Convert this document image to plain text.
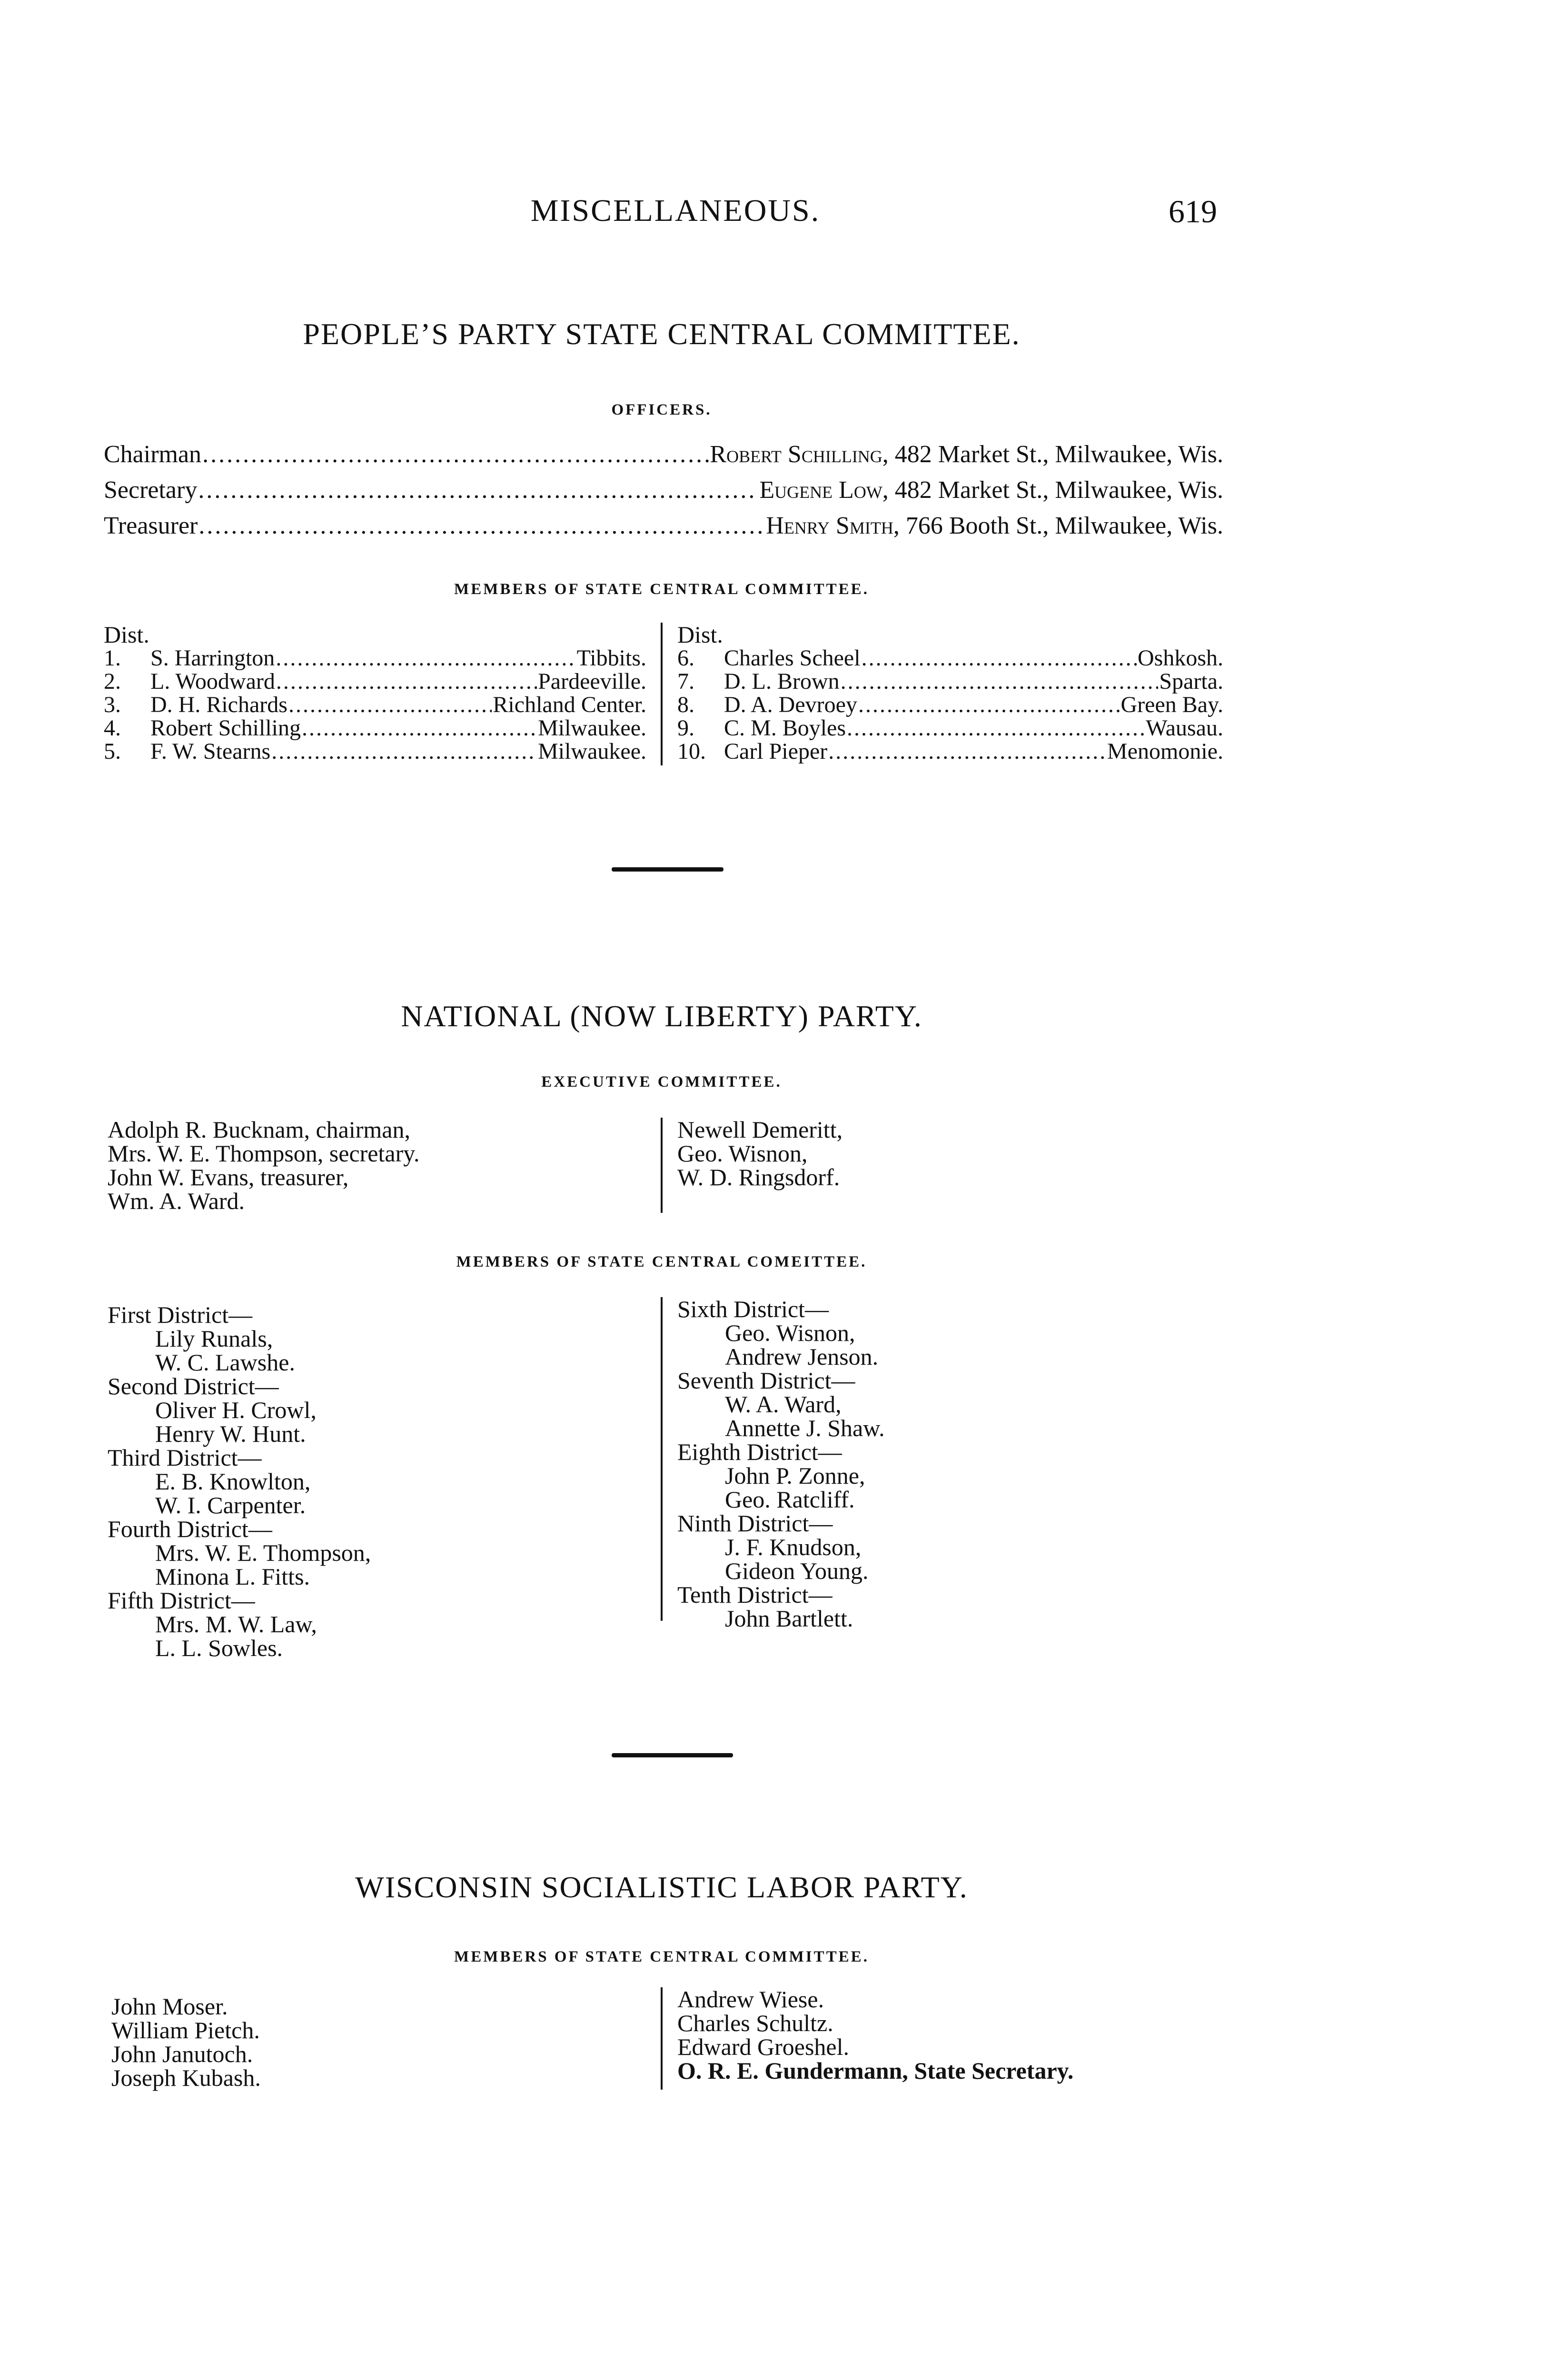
MISCELLANEOUS.	619
PEOPLE’S PARTY STATE CENTRAL COMMITTEE.
OFFICERS.
Chairman .....	Robert Schilling , 482 Market St., Milwaukee, Wis.
Secretary .....	Eugene Low , 482 Market St., Milwaukee, Wis.
Treasurer .....	Henry Smith , 766 Booth St., Milwaukee, Wis.
MEMBERS OF STATE CENTRAL COMMITTEE.
Dist.
1.	S. Harrington .....	Tibbits.
2.	L. Woodward .....	Pardeeville.
3.	D. H. Richards .....	Richland Center.
4.	Robert Schilling .....	Milwaukee.
5.	F. W. Stearns .....	Milwaukee.
Dist.
6.	Charles Scheel .....	Oshkosh.
7.	D. L. Brown .....	Sparta.
8.	D. A. Devroey .....	Green Bay.
9.	C. M. Boyles .....	Wausau.
10. Carl Pieper .....	Menomonie.
NATIONAL (NOW LIBERTY) PARTY.
EXECUTIVE COMMITTEE.
Adolph R. Bucknam, chairman,
Mrs. W. E. Thompson, secretary.
John W. Evans, treasurer,
Wm. A. Ward.
Newell Demeritt,
Geo. Wisnon,
W. D. Ringsdorf.
MEMBERS OF STATE CENTRAL COMEITTEE.
First District—
Lily Runals,
W. C. Lawshe.
Second District—
Oliver H. Crowl,
Henry W. Hunt.
Third District—
E. B. Knowlton,
W. I. Carpenter.
Fourth District—
Mrs. W. E. Thompson,
Minona L. Fitts.
Fifth District—
Mrs. M. W. Law,
L. L. Sowles.
Sixth District—
Geo. Wisnon,
Andrew Jenson.
Seventh District—
W. A. Ward,
Annette J. Shaw.
Eighth District—
John P. Zonne,
Geo. Ratcliff.
Ninth District—
J. F. Knudson,
Gideon Young.
Tenth District—
John Bartlett.
WISCONSIN SOCIALISTIC LABOR PARTY.
MEMBERS OF STATE CENTRAL COMMITTEE.
John Moser.
William Pietch.
John Janutoch.
Joseph Kubash.
Andrew Wiese.
Charles Schultz.
Edward Groeshel.
O. R. E. Gundermann, State Secretary.
